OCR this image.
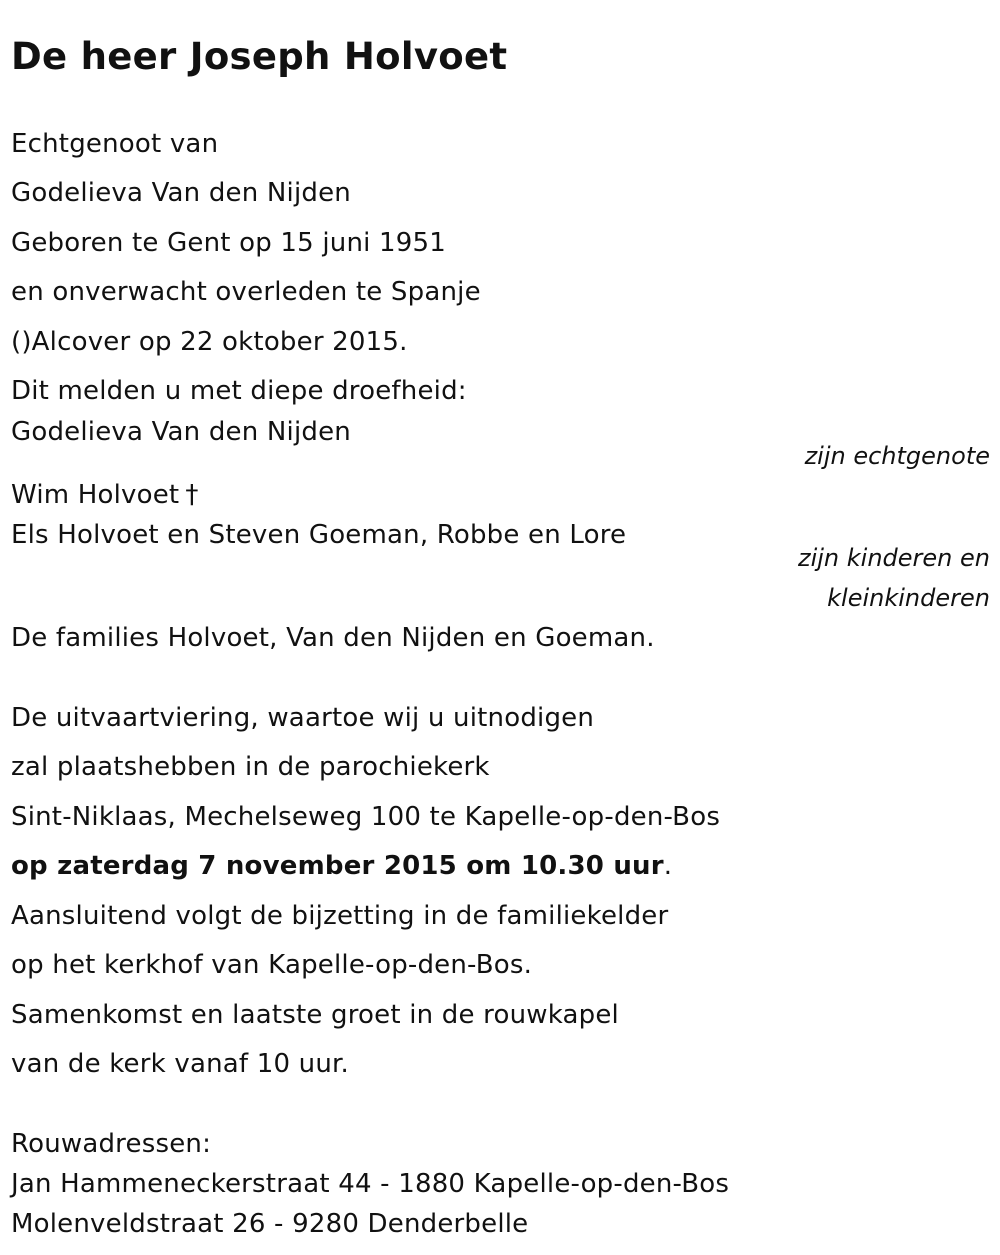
De heer Joseph Holvoet
Echtgenoot van
Godelieva Van den Nijden
Geboren te Gent op 15 juni 1951
en onverwacht overleden te Spanje
()Alcover op 22 oktober 2015.
Dit melden u met diepe droefheid:
Godelieva Van den Nijden
zijn echtgenote
Wim Holvoet †
Els Holvoet en Steven Goeman, Robbe en Lore
zijn kinderen en
kleinkinderen
De families Holvoet, Van den Nijden en Goeman.
De uitvaartviering, waartoe wij u uitnodigen
zal plaatshebben in de parochiekerk
Sint-Niklaas, Mechelseweg 100 te Kapelle-op-den-Bos
op zaterdag 7 november 2015 om 10.30 uur.
Aansluitend volgt de bijzetting in de familiekelder
op het kerkhof van Kapelle-op-den-Bos.
Samenkomst en laatste groet in de rouwkapel
van de kerk vanaf 10 uur.
Rouwadressen:
Jan Hammeneckerstraat 44 - 1880 Kapelle-op-den-Bos
Molenveldstraat 26 - 9280 Denderbelle
